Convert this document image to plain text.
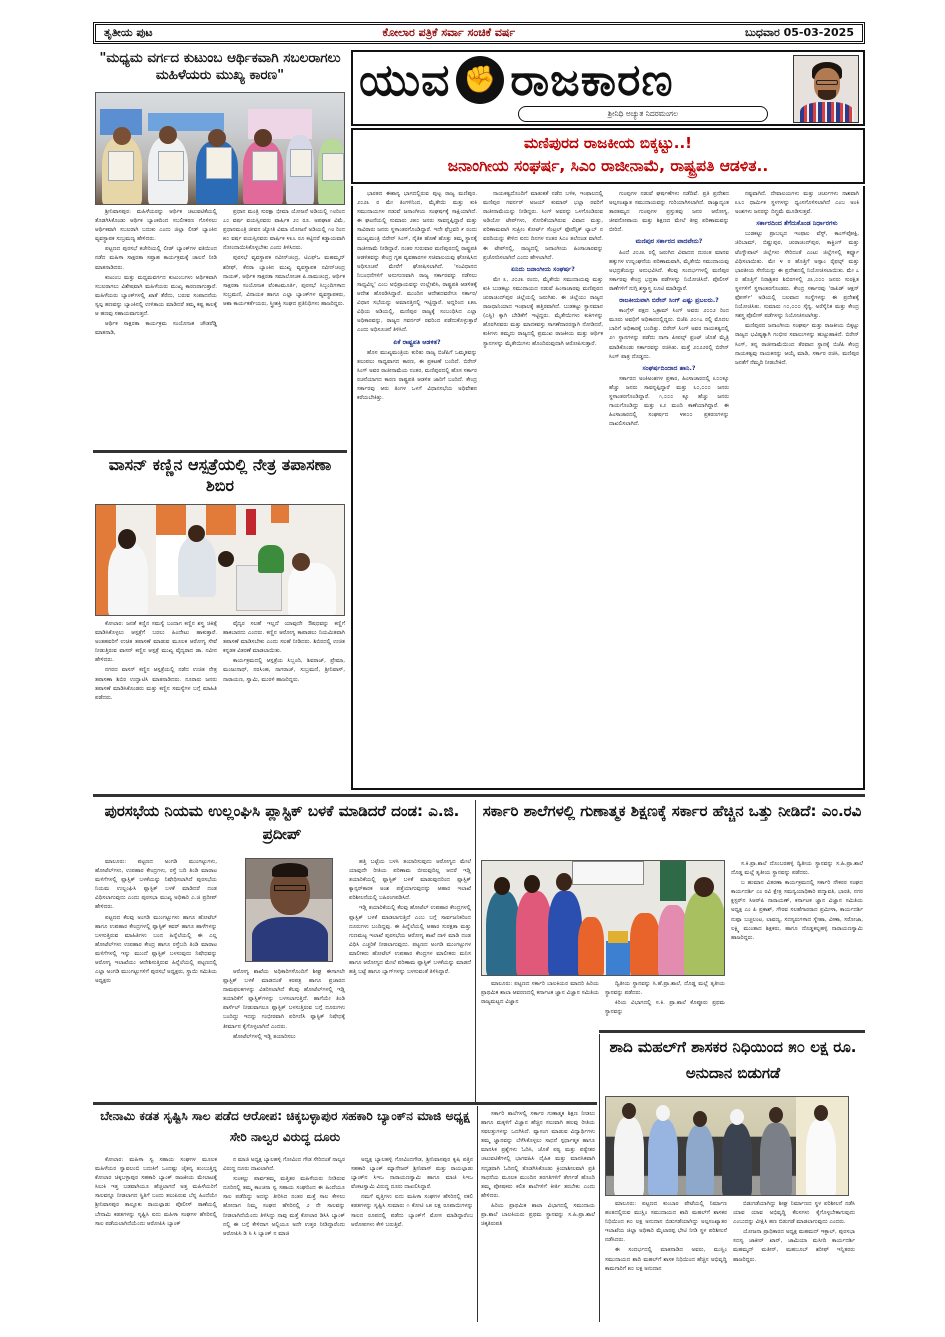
ತೃತೀಯ ಪುಟ	ಕೋಲಾರ ಪತ್ರಿಕೆ ಸರ್ವಾ ಸಂಚಿಕೆ ವರ್ಷ	ಬುಧವಾರ 05-03-2025
"ಮಧ್ಯಮ ವರ್ಗದ ಕುಟುಂಬ ಆರ್ಥಿಕವಾಗಿ ಸಬಲರಾಗಲು ಮಹಿಳೆಯರು ಮುಖ್ಯ ಕಾರಣ"

ಶ್ರೀನಿವಾಸಪುರ: ಮಹಿಳೆಯರನ್ನು ಆರ್ಥಿಕ ಚಟುವಟಿಕೆಯಲ್ಲಿ ತೊಡಗಿಸಿಕೊಂಡು ಆರ್ಥಿಕ ಬ್ಯಾಂಕದಿಂದ ಸಬಲೀಕರಣ ಗೊಳಿಸಲು ಆರ್ಥಿಕವಾಗಿ ಸಬಲರಾಗಿ ಬದುಕು ಎಂದು ಜಿಲ್ಲಾ ಲೀಡ್ ಬ್ಯಾಂಕಿನ ವ್ಯವಸ್ಥಾಪಕ ಸುಬ್ರಮಣ್ಯ ಹೇಳಿದರು.

ಪಟ್ಟಣದ ಪುರಸಭೆ ಕಚೇರಿಯಲ್ಲಿ ಲೀಡ್ ಬ್ಯಾಂಕ್‌ಗಳ ವತಿಯಿಂದ ನಡೆದ ಮಹಿಳಾ ಸಾಕ್ಷರತಾ ಸಪ್ತಾಹ ಕಾರ್ಯಕ್ರಮಕ್ಕೆ ಚಾಲನೆ ನೀಡಿ ಮಾತನಾಡಿದರು.

ಕುಟುಂಬ ಮತ್ತು ಮಧ್ಯಮವರ್ಗದ ಕುಟುಂಬಗಳು ಆರ್ಥಿಕವಾಗಿ ಸಬಲರಾಗಲು ವಿಶೇಷವಾಗಿ ಮಹಿಳೆಯರು ಮುಖ್ಯ ಕಾರಣರಾಗುತ್ತಾರೆ. ಮಹಿಳೆಯರು ಬ್ಯಾಂಕ್‌ಗಳಲ್ಲಿ ಖಾತೆ ತೆರೆದು, ಬರುವ ಸಂಪಾದನೆಯ ಸ್ವಲ್ಪ ಹಣವನ್ನು ಬ್ಯಾಂಕಿನಲ್ಲಿ ಉಳಿತಾಯ ಮಾಡಿದರೆ ತಮ್ಮ ಕಷ್ಟ ಕಾಲಕ್ಕೆ ಆ ಹಣವು ಸಹಾಯವಾಗುತ್ತದೆ.

ಆರ್ಥಿಕ ಸಾಕ್ಷರತಾ ಕಾರ್ಯಕ್ರಮ ಸಂಯೋಜಕ ಚೌಡರೆಡ್ಡಿ ಮಾತನಾಡಿ,

ಪ್ರಧಾನ ಮಂತ್ರಿ ಸುರಕ್ಷಾ ಭೀಮಾ ಯೋಜನೆ ಅಡಿಯಲ್ಲಿ ೧೮ರಿಂದ ೭೦ ವರ್ಷ ವಯಸ್ಸಿನವರು ವಾರ್ಷಿಕ ೨೦ ರೂ. ಅಪಘಾತ ವಿಮೆ, ಪ್ರಧಾನಮಂತ್ರಿ ಜೀವನ ಜ್ಯೋತಿ ವಿಮಾ ಯೋಜನೆ ಅಡಿಯಲ್ಲಿ ೧೮ ರಿಂದ ೫೦ ವರ್ಷ ವಯಸ್ಸಿನವರು ವಾರ್ಷಿಕ ೪೩೬ ರೂ ಕಟ್ಟಿದರೆ ಕಡ್ಡಾಯವಾಗಿ ನೋಂದಾಯಿಸಿಕೊಳ್ಳಬೇಕು ಎಂದು ತಿಳಿಸಿದರು.

ಪುರಸಭೆ ವ್ಯವಸ್ಥಾಪಕ ನವೀನ್‌ಚಂದ್ರ, ಟಿಎಫ್ಒ ಮಹಮ್ಮದ್ ಶರೀಫ್, ಕೆನರಾ ಬ್ಯಾಂಕಿನ ಮುಖ್ಯ ವ್ಯವಸ್ಥಾಪಕ ನವೀನ್‌ಚಂದ್ರ ನಾಯಕ್, ಆರ್ಥಿಕ ಸಾಕ್ಷರತಾ ಸಮಾಲೋಚಕ ಪಿ.ರಾಮಚಂದ್ರ, ಆರ್ಥಿಕ ಸಾಕ್ಷರತಾ ಸಂಯೋಜಕ ವೆಂಕಟಮೂರ್ತಿ, ಪುರಸಭೆ ಸಿಬ್ಬಂದಿಗಳಾದ ಸುಬ್ರಮಣಿ, ವಿನಾಯಕ ಹಾಗೂ ಎಲ್ಲಾ ಬ್ಯಾಂಕ್‌ಗಳ ವ್ಯವಸ್ಥಾಪಕರು, ಆಶಾ ಕಾರ್ಯಕರ್ತೆಯರು, ಸ್ತ್ರೀಶಕ್ತಿ ಸಂಘದ ಪ್ರತಿನಿಧಿಗಳು ಹಾಜರಿದ್ದರು.

ವಾಸನ್ ಕಣ್ಣಿನ ಆಸ್ಪತ್ರೆಯಲ್ಲಿ ನೇತ್ರ ತಪಾಸಣಾ ಶಿಬಿರ

ಕೋಲಾರ: ಜನತೆ ಕಣ್ಣಿನ ಸಮಸ್ಯೆ ಬಂದಾಗ ಕಣ್ಣಿನ ಶಸ್ತ್ರ ಚಿಕಿತ್ಸೆ ಮಾಡಿಸಿಕೊಳ್ಳಲು ಆಸ್ಪತ್ರೆಗೆ ಬರಲು ಹಿಂದೇಟು ಹಾಕುತ್ತಾರೆ. ಅಂತಹವರಿಗೆ ಉಚಿತ ತಪಾಸಣೆ ಮಾಡುವ ಮೂಲಕ ಆರೋಗ್ಯ ಸೇವೆ ನೀಡುತ್ತಿರುವ ವಾಸನ್ ಕಣ್ಣಿನ ಆಸ್ಪತ್ರೆ ಮುಖ್ಯ ವೈದ್ಯರಾದ ಡಾ. ನವೀನ ಹೇಳಿದರು.

ನಗರದ ವಾಸನ್ ಕಣ್ಣಿನ ಆಸ್ಪತ್ರೆಯಲ್ಲಿ ನಡೆದ ಉಚಿತ ನೇತ್ರ ತಪಾಸಣಾ ಶಿಬಿರ ಉದ್ಘಾಟಿಸಿ ಮಾತನಾಡಿದರು. ನೂರಾರು ಜನರು ತಪಾಸಣೆ ಮಾಡಿಸಿಕೊಂಡರು ಮತ್ತು ಕಣ್ಣಿನ ಸಮಸ್ಯೆಗಳ ಬಗ್ಗೆ ಮಾಹಿತಿ ಪಡೆದರು.

ವೈದ್ಯರ ಸಲಹೆ ಇಲ್ಲದೆ ಯಾವುದೇ ಔಷಧವನ್ನು ಕಣ್ಣಿಗೆ ಹಾಕಬಾರದು ಎಂದರು. ಕಣ್ಣಿನ ಆರೋಗ್ಯ ಕಾಪಾಡಲು ನಿಯಮಿತವಾಗಿ ತಪಾಸಣೆ ಮಾಡಿಸಬೇಕು ಎಂದು ಸಲಹೆ ನೀಡಿದರು. ಶಿಬಿರದಲ್ಲಿ ಉಚಿತ ಕನ್ನಡಕ ವಿತರಣೆ ಮಾಡಲಾಯಿತು.

ಕಾರ್ಯಕ್ರಮದಲ್ಲಿ ಆಸ್ಪತ್ರೆಯ ಸಿಬ್ಬಂದಿ, ಶಿವರಾಜ್, ಪ್ರೇಮಾ, ಮಂಜುನಾಥ್, ನರಸಿಂಹ, ನಾಗರಾಜ್, ಸುಬ್ರಮಣಿ, ಶ್ರೀನಿವಾಸ್, ನಾರಾಯಣ, ಸ್ವಾಮಿ, ಮುರಳಿ ಹಾಜರಿದ್ದರು.

ಯುವ ✊ ರಾಜಕಾರಣ
ಶ್ರೀನಿಧಿ ಅಚ್ಯುತ ನಿದರಮಂಗಲ
ಮಣಿಪುರದ ರಾಜಕೀಯ ಬಿಕ್ಕಟ್ಟು..!
ಜನಾಂಗೀಯ ಸಂಘರ್ಷ, ಸಿಎಂ ರಾಜೀನಾಮೆ, ರಾಷ್ಟ್ರಪತಿ ಆಡಳಿತ..

ಭಾರತದ ಈಶಾನ್ಯ ಭಾಗದಲ್ಲಿರುವ ಪುಟ್ಟ ರಾಜ್ಯ ಮಣಿಪುರ. ೨೦೨೩ ರ ಮೇ ತಿಂಗಳಿನಿಂದ, ಮೈತೇಯಿ ಮತ್ತು ಕುಕಿ ಸಮುದಾಯಗಳ ನಡುವೆ ಜನಾಂಗೀಯ ಸಂಘರ್ಷಕ್ಕೆ ಸಾಕ್ಷಿಯಾಗಿದೆ. ಈ ಘಟನೆಯಲ್ಲಿ ಸುಮಾರು ೨೫೦ ಜನರು ಸಾವನ್ನಪ್ಪಿದ್ದಾರೆ ಮತ್ತು ಸಾವಿರಾರು ಜನರು ಸ್ಥಳಾಂತರಗೊಂಡಿದ್ದಾರೆ. ಇದೇ ಫೆಬ್ರವರಿ ೯ ರಂದು ಮುಖ್ಯಮಂತ್ರಿ ಬಿರೇನ್ ಸಿಂಗ್, ನೈತಿಕ ಹೊಣೆ ಹೊತ್ತು ತಮ್ಮ ಸ್ಥಾನಕ್ಕೆ ರಾಜೀನಾಮೆ ನೀಡಿದ್ದಾರೆ. ನಂತರ ಗುರುವಾರ ಮಣಿಪುರದಲ್ಲಿ ರಾಷ್ಟ್ರಪತಿ ಆಡಳಿತವನ್ನು ಕೇಂದ್ರ ಗೃಹ ವ್ಯವಹಾರಗಳ ಸಚಿವಾಲಯವು ಘೋಷಿಸಿದ ಅಧಿಸೂಚನೆ ಮೇರೆಗೆ ಘೋಷಿಸಲಾಗಿದೆ. 'ಸಂವಿಧಾನದ ನಿಬಂಧನೆಗಳಿಗೆ ಅನುಗುಣವಾಗಿ ರಾಜ್ಯ ಸರ್ಕಾರವನ್ನು ನಡೆಸಲು ಸಾಧ್ಯವಿಲ್ಲ' ಎಂಬ ಅಭಿಪ್ರಾಯವನ್ನು ಉಲ್ಲೇಖಿಸಿ, ರಾಷ್ಟ್ರಪತಿ ಆಡಳಿತಕ್ಕೆ ಆದೇಶ ಹೊರಡಿಸಿದ್ದಾರೆ. ಮುಂದಿನ ಆದೇಶದವರೆಗೂ ಸರ್ಕಾರ/ ವಿಧಾನ ಸಭೆಯನ್ನು ಅಮಾನತ್ತಿನಲ್ಲಿ ಇಟ್ಟಿದ್ದಾರೆ. ಅದ್ದರಿಂದ ೩೫೬ ವಿಧಿಯ ಅಡಿಯಲ್ಲಿ, ಮಣಿಪುರ ರಾಜ್ಯಕ್ಕೆ ಸಂಬಂಧಿಸಿದ ಎಲ್ಲಾ ಅಧಿಕಾರವನ್ನು, ರಾಜ್ಯದ ಗವರ್ನರ್ ರವರಿಂದ ಪಡೆದುಕೊಳ್ಳುತ್ತಾರೆ ಎಂದು ಅಧಿಸೂಚನೆ ತಿಳಿಸಿದೆ.

ಏಕೆ ರಾಷ್ಟ್ರಪತಿ ಆಡಳಿತ?

ಹೊಸ ಮುಖ್ಯಮಂತ್ರಿಯ ಕುರಿತು ರಾಜ್ಯ ಬಿಜೆಪಿಗೆ ಒಮ್ಮತವನ್ನು ತಲುಪಲು ಸಾಧ್ಯವಾಗದ ಕಾರಣ, ಈ ಪ್ರಕಟಣೆ ಬಂದಿದೆ. ಬಿರೇನ್ ಸಿಂಗ್ ಅವರ ರಾಜೀನಾಮೆಯ ನಂತರ, ಮಣಿಪುರದಲ್ಲಿ ಹೊಸ ಸರ್ಕಾರ ರಚನೆಯಾಗದ ಕಾರಣ ರಾಷ್ಟ್ರಪತಿ ಆಡಳಿತ ಜಾರಿಗೆ ಬಂದಿದೆ. ಕೇಂದ್ರ ಸರ್ಕಾರವು ಆರು ತಿಂಗಳ ಒಳಗೆ ವಿಧಾನಸಭೆಯ ಅಧಿವೇಶನ ಕರೆಯಬೇಕಿತ್ತು.

ನಾಯಕತ್ವದೊಂದಿಗೆ ಮಾತುಕತೆ ನಡೆದ ಬಳಿಕ, ಇಂಫಾಲದಲ್ಲಿ ಮಣಿಪುರ ಗವರ್ನರ್ ಅಜಯ್ ಕುಮಾರ್ ಭಲ್ಲಾ ರವರಿಗೆ ರಾಜೀನಾಮೆಯನ್ನು ನೀಡಿದ್ದರು. ಸಿಂಗ್ ಅವರನ್ನು ಒಳಗೊಂಡಿರುವ ಅಡಿಯೋ ಟೇಪ್‌ಗಳು, ಸೋರಿಕೆಯಾಗಿರುವ ವಿವಾದ ಮತ್ತು, ಪರಿಣಾಮವಾಗಿ ಸುಪ್ರೀಂ ಕೋರ್ಟ್ ಸೆಂಟ್ರಲ್ ಫೊರೆನ್ಸಿಕ್ ಲ್ಯಾಬ್ ನ ವರದಿಯನ್ನು ಕೇಳಿದ ಐದು ದಿನಗಳ ನಂತರ ಸಿಎಂ ತಲೆದಂಡ ವಾಗಿದೆ. ಈ ಟೇಪ್‌ನಲ್ಲಿ, ರಾಜ್ಯದಲ್ಲಿ ಜನಾಂಗೀಯ ಹಿಂಸಾಚಾರವನ್ನು ಪ್ರಚೋದಿಸಲಾಗಿದೆ ಎಂದು ಹೇಳಲಾಗಿದೆ.

ಏನಿದು ಜನಾಂಗೀಯ ಸಂಘರ್ಷ?

ಮೇ ೩, ೨೦೨೩ ರಂದು, ಮೈತೇಯಿ ಸಮುದಾಯವು ಮತ್ತು ಕುಕಿ ಬುಡಕಟ್ಟು ಸಮುದಾಯದ ನಡುವೆ ಹಿಂಸಾಚಾರವು ಮಣಿಪುರದ ಚುರಾಚಂದ್‌ಪುರ ಜಿಲ್ಲೆಯಲ್ಲಿ ಜರುಗಿತು. ಈ ಜಿಲ್ಲೆಯು ರಾಜ್ಯದ ರಾಜಧಾನಿಯಾದ ಇಂಫಾಲಕ್ಕೆ ಹತ್ತಿರವಾಗಿದೆ. ಬುಡಕಟ್ಟು ಸ್ಥಾನಮಾನ (ಎಸ್ಟಿ) ಕ್ಕಾಗಿ ಬೇಡಿಕೆಗೆ ಇಟ್ಟಿದ್ದರು. ಮೈತೇಯಿಗಳು ಕುಕಿಗಳನ್ನು ಹೊರಗಿನವರು ಮತ್ತು ಮಾದಕವಸ್ತು ಸಾಗಣೆದಾರರನ್ನಾಗಿ ನೋಡಿದರೆ, ಕುಕಿಗಳು ತಮ್ಮದು ರಾಜ್ಯದಲ್ಲಿ ಪ್ರಮುಖ ರಾಜಕೀಯ ಮತ್ತು ಆರ್ಥಿಕ ಸ್ಥಾನಗಳನ್ನು ಮೈತೇಯಿಗಳು ಹೊಂದಿರುವುದಾಗಿ ಆರೋಪಿಸುತ್ತಾರೆ.

ಗುಂಪುಗಳ ನಡುವೆ ಘರ್ಷಣೆಗಳು ನಡೆದಿವೆ. ಪ್ರತಿ ಪ್ರದೇಶದ ಅಲ್ಪಸಂಖ್ಯಾತ ಸಮುದಾಯವನ್ನು ಗುರಿಯಾಗಿಸಲಾಗಿದೆ. ರಾಜ್ಯಾದ್ಯಂತ ತಾರತಮ್ಯದ ಗುಂಪುಗಳ ಪ್ರಸ್ತುತವು ಜನರ ಆರೋಗ್ಯ, ಜೀವನೋಪಾಯ ಮತ್ತು ಶಿಕ್ಷಣದ ಮೇಲೆ ತೀವ್ರ ಪರಿಣಾಮವನ್ನು ಬೀರಿದೆ.

ಮಣಿಪುರ ಸರ್ಕಾರದ ವಾದವೇನು?

ಹಿಂದೆ ೨೦೨೩ ರಲ್ಲಿ ಜರುಗಿದ ವಿವಾದದ ದುರಂತ ಮಾನವ ಹಕ್ಕುಗಳ ಉಲ್ಲಂಘನೆಯ ಪರಿಣಾಮವಾಗಿ, ಮೈತೇಯಿ ಸಮುದಾಯವು ಅಭದ್ರತೆಯನ್ನು ಅನುಭವಿಸಿದೆ. ಕೆಲವು ಸಂದರ್ಭಗಳಲ್ಲಿ ಮಣಿಪುರ ಸರ್ಕಾರವು ಕೇಂದ್ರ ಭದ್ರತಾ ಪಡೆಗಳನ್ನು ನಿಯೋಜಿಸಿದೆ. ಪೊಲೀಸ್ ಠಾಣೆಗಳಿಗೆ ನುಗ್ಗಿ ಶಸ್ತ್ರಾಸ್ತ್ರ ಲೂಟಿ ಮಾಡಿದ್ದಾರೆ.

ರಾಜಕೀಯವಾಗಿ ಬಿರೇನ್ ಸಿಂಗ್ ಎಷ್ಟು ಪ್ರಬಲರು.?

ಕಾಂಗ್ರೆಸ್ ಪಕ್ಷದ ಒಕ್ರಾಮ್ ಸಿಂಗ್ ಅವರು ೨೦೦೨ ರಿಂದ ಮೂರು ಅವಧಿಗೆ ಅಧಿಕಾರದಲ್ಲಿದ್ದರು. ಬಿಜೆಪಿ ೨೦೧೭ ರಲ್ಲಿ ಮೊದಲ ಬಾರಿಗೆ ಅಧಿಕಾರಕ್ಕೆ ಬಂದಿತ್ತು. ಬಿರೇನ್ ಸಿಂಗ್ ಅವರ ನಾಯಕತ್ವದಲ್ಲಿ ೨೧ ಸ್ಥಾನಗಳನ್ನು ಪಡೆದು ನಾಗಾ ಪೀಪಲ್ಸ್ ಫ್ರಂಟ್ ಜೊತೆ ಮೈತ್ರಿ ಮಾಡಿಕೊಂಡು ಸರ್ಕಾರವನ್ನು ರಚಿಸಿತು. ಮತ್ತೆ ೨೦೨೨ರಲ್ಲಿ ಬಿರೇನ್ ಸಿಂಗ್ ಪಾತ್ರ ದೊಡ್ಡದು.

ಸಂಘರ್ಷದಿಂದಾದ ಹಾನಿ.?

ಸರ್ಕಾರದ ಅಂಕಿಅಂಶಗಳ ಪ್ರಕಾರ, ಹಿಂಸಾಚಾರದಲ್ಲಿ ೩೦೦ಕ್ಕೂ ಹೆಚ್ಚು ಜನರು ಸಾವನ್ನಪ್ಪಿದ್ದಾರೆ ಮತ್ತು ೬೦,೦೦೦ ಜನರು ಸ್ಥಳಾಂತರಗೊಂಡಿದ್ದಾರೆ. ೧,೦೦೦ ಕ್ಕೂ ಹೆಚ್ಚು ಜನರು ಗಾಯಗೊಂಡಿದ್ದು ಮತ್ತು ೩೨ ಮಂದಿ ಕಾಣೆಯಾಗಿದ್ದಾರೆ. ಈ ಹಿಂಸಾಚಾರದಲ್ಲಿ ಸಂಘರ್ಷದ ೪೫೦೦ ಪ್ರಕರಣಗಳನ್ನು ದಾಖಲಿಸಲಾಗಿದೆ.

ನಷ್ಟವಾಗಿದೆ. ದೇವಾಲಯಗಳು ಮತ್ತು ಚರ್ಚುಗಳು ನಾಶವಾಗಿ ೩೬೦ ಧಾರ್ಮಿಕ ಸ್ಥಳಗಳನ್ನು ಧ್ವಂಸಗೊಳಿಸಲಾಗಿದೆ ಎಂಬ ಅಂಕಿ ಅಂಶಗಳು ಜನರನ್ನು ದಿಗ್ಭ್ರಮೆ ಮೂಡಿಸುತ್ತವೆ.

ಸರ್ಕಾರದಿಂದ ತೆಗೆದುಕೊಂಡ ನಿರ್ಧಾರಗಳು

ಬುಡಕಟ್ಟು ಪ್ರಾಬಲ್ಯದ ಇಂಫಾಲ ವೆಸ್ಟ್, ಕಾಂಗ್‌ಪೋಕ್ಪಿ, ಜಿರಿಬಾಮ್, ಬಿಷ್ಣುಪುರ, ಚುರಾಚಂದ್‌ಪುರ, ಕಾಕ್ಚಿಂಗ್ ಮತ್ತು ಟೆಂಗ್ನೌಪಾಲ್ ಜಿಲ್ಲೆಗಳು ಸೇರಿದಂತೆ ಎಂಟು ಜಿಲ್ಲೆಗಳಲ್ಲಿ ಕರ್ಫ್ಯೂ ವಿಧಿಸಲಾಯಿತು. ಮೇ ೪ ರ ಹೊತ್ತಿಗೆ ಅಸ್ಸಾಂ ರೈಫಲ್ಸ್ ಮತ್ತು ಭಾರತೀಯ ಸೇನೆಯನ್ನು ಈ ಪ್ರದೇಶದಲ್ಲಿ ನಿಯೋಜಿಸಲಾಯಿತು. ಮೇ ೭ ರ ಹೊತ್ತಿಗೆ ನಿರಾಶ್ರಿತರ ಶಿಬಿರಗಳಲ್ಲಿ ೨೩,೦೦೦ ಜನರು ಸುರಕ್ಷಿತ ಸ್ಥಳಗಳಿಗೆ ಸ್ಥಳಾಂತರಗೊಂಡರು. ಕೇಂದ್ರ ಸರ್ಕಾರವು 'ರಾಪಿಡ್ ಆಕ್ಷನ್ ಫೋರ್ಸ್' ಅಡಿಯಲ್ಲಿ ಬಲವಾದ ಸಂಸ್ಥೆಗಳನ್ನು ಈ ಪ್ರದೇಶಕ್ಕೆ ನಿಯೋಜಿಸಿತು. ಸುಮಾರು ೧೦,೦೦೦ ಸೈನ್ಯ, ಅರೆಸೈನಿಕ ಮತ್ತು ಕೇಂದ್ರ ಸಶಸ್ತ್ರ ಪೊಲೀಸ್ ಪಡೆಗಳನ್ನು ನಿಯೋಜಿಸಲಾಗಿತ್ತು.

ಮಣಿಪುರದ ಜನಾಂಗೀಯ ಸಂಘರ್ಷ ಮತ್ತು ರಾಜಕೀಯ ಬಿಕ್ಕಟ್ಟು ರಾಜ್ಯದ ಭವಿಷ್ಯಕ್ಕಾಗಿ ಗಂಭೀರ ಸವಾಲುಗಳನ್ನು ಹುಟ್ಟುಹಾಕಿದೆ. ಬಿರೇನ್ ಸಿಂಗ್, ತನ್ನ ರಾಜೀನಾಮೆಯಿಂದ ತೆರವಾದ ಸ್ಥಾನಕ್ಕೆ ಬಿಜೆಪಿ ಕೇಂದ್ರ ನಾಯಕತ್ವವು ನಾಯಕನನ್ನು ಆಯ್ಕೆ ಮಾಡಿ, ಸರ್ಕಾರ ರಚಿಸಿ, ಮಣಿಪುರ ಜನತೆಗೆ ನೆಮ್ಮದಿ ನೀಡಬೇಕಿದೆ.

ಪುರಸಭೆಯ ನಿಯಮ ಉಲ್ಲಂಘಿಸಿ ಪ್ಲಾಸ್ಟಿಕ್ ಬಳಕೆ ಮಾಡಿದರೆ ದಂಡ: ಎ.ಜಿ. ಪ್ರದೀಪ್

ಮಾಲೂರು: ಪಟ್ಟಣದ ಅಂಗಡಿ ಮುಂಗಟ್ಟುಗಳು, ಹೋಟೆಲ್‌ಗಳು, ಉಪಹಾರ ಕೇಂದ್ರಗಳು, ರಸ್ತೆ ಬದಿ ತಿಂಡಿ ಮಾರಾಟ ಮಳಿಗೆಗಳಲ್ಲಿ ಪ್ಲಾಸ್ಟಿಕ್ ಬಳಕೆಯನ್ನು ನಿಷೇಧಿಸಲಾಗಿದೆ ಪುರಸಭೆಯ ನಿಯಮ ಉಲ್ಲಂಘಿಸಿ ಪ್ಲಾಸ್ಟಿಕ್ ಬಳಕೆ ಮಾಡಿದರೆ ದಂಡ ವಿಧಿಸಲಾಗುವುದು ಎಂದು ಪುರಸಭಾ ಮುಖ್ಯ ಅಧಿಕಾರಿ ಎ.ಜಿ ಪ್ರದೀಪ್ ಹೇಳಿದರು.

ಪಟ್ಟಣದ ಕೆಲವು ಅಂಗಡಿ ಮುಂಗಟ್ಟುಗಳು ಹಾಗೂ ಹೋಟೆಲ್ ಹಾಗೂ ಉಪಹಾರ ಕೇಂದ್ರಗಳಲ್ಲಿ ಪ್ಲಾಸ್ಟಿಕ್ ಕವರ್ ಹಾಗೂ ಹಾಳೆಗಳನ್ನು ಬಳಸುತ್ತಿರುವ ಮಾಹಿತಿಗಳು ಬಂದ ಹಿನ್ನೆಲೆಯಲ್ಲಿ ಈ ಎಲ್ಲ ಹೋಟೆಲ್‌ಗಳು ಉಪಹಾರ ಕೇಂದ್ರ ಹಾಗೂ ರಸ್ತೆಬದಿ ತಿಂಡಿ ಮಾರಾಟ ಮಳಿಗೆಗಳಲ್ಲಿ ಇನ್ನು ಮುಂದೆ ಪ್ಲಾಸ್ಟಿಕ್ ಬಳಸುವುದು ನಿಷೇಧವನ್ನು ಆರೋಗ್ಯ ಇಲಾಖೆಯು ಆದೇಶಿಸುತ್ತಿರುವ ಹಿನ್ನೆಲೆಯಲ್ಲಿ ಪಟ್ಟಣದಲ್ಲಿ ಎಲ್ಲಾ ಅಂಗಡಿ ಮುಂಗಟ್ಟುಗಳಿಗೆ ಪುರಸಭೆ ಅಧ್ಯಕ್ಷರು, ಸ್ಥಾಯಿ ಸಮಿತಿಯ ಅಧ್ಯಕ್ಷರು

ಆರೋಗ್ಯ ಶಾಖೆಯ ಅಧಿಕಾರಿಗಳೊಂದಿಗೆ ಶೀಘ್ರ ಈಗಾಗಲೇ ಪ್ಲಾಸ್ಟಿಕ್ ಬಳಕೆ ಮಾಡದಂತೆ ಕರಪತ್ರ ಹಾಗೂ ಪ್ರಚಾರದ ನಾಮಫಲಕಗಳನ್ನು ವಿತರಿಸಲಾಗಿದೆ ಕೆಲವು ಹೋಟೆಲ್‌ಗಳಲ್ಲಿ ಇಡ್ಲಿ ತಯಾರಿಕೆಗೆ ಪ್ಲಾಸ್ಟಿಕ್‌ಗಳನ್ನು ಬಳಸಲಾಗುತ್ತಿದೆ. ಹಾಗೆಯೇ ತಿಂಡಿ ಪಾರ್ಸೆಲ್ ನೀಡುವಾಗಲೂ ಪ್ಲಾಸ್ಟಿಕ್ ಬಳಸುತ್ತಿರುವ ಬಗ್ಗೆ ದೂರುಗಳು ಬಂದಿದ್ದು ಇದನ್ನು ಗಂಭೀರವಾಗಿ ಪರಿಗಣಿಸಿ ಪ್ಲಾಸ್ಟಿಕ್ ನಿಷೇಧಕ್ಕೆ ತೀರ್ಮಾನ ಕೈಗೊಳ್ಳಲಾಗಿದೆ ಎಂದರು.

ಹೋಟೆಲ್‌ಗಳಲ್ಲಿ ಇಡ್ಲಿ ತಯಾರಿಸಲು

ಹತ್ತಿ ಬಟ್ಟೆಯ ಬಳಸಿ ತಯಾರಿಸುವುದು ಆರೋಗ್ಯದ ಮೇಲೆ ಯಾವುದೇ ರೀತಿಯ ಪರಿಣಾಮ ಬೀರುವುದಿಲ್ಲ ಆದರೆ ಇಡ್ಲಿ ತಯಾರಿಕೆಯಲ್ಲಿ ಪ್ಲಾಸ್ಟಿಕ್ ಬಳಕೆ ಮಾಡುವುದರಿಂದ ಪ್ಲಾಸ್ಟಿಕ್ ಕ್ಯಾನ್ಸರ್‌ಕಾರಕ ಅಂಶ ಪತ್ತೆಯಾಗುವುದನ್ನು ಆಹಾರ ಇಲಾಖೆ ಪರಿಶೀಲನೆಯಲ್ಲಿ ಬಹಿರಂಗಪಡಿಸಿದೆ.

ಇಡ್ಲಿ ತಯಾರಿಕೆಯಲ್ಲಿ ಕೆಲವು ಹೋಟೆಲ್ ಉಪಹಾರ ಕೇಂದ್ರಗಳಲ್ಲಿ ಪ್ಲಾಸ್ಟಿಕ್ ಬಳಕೆ ಮಾಡಲಾಗುತ್ತಿದೆ ಎಂಬ ಬಗ್ಗೆ ಸಾರ್ವಜನಿಕರಿಂದ ದೂರುಗಳು ಬಂದಿದ್ದವು. ಈ ಹಿನ್ನೆಲೆಯಲ್ಲಿ ಆಹಾರ ಸುರಕ್ಷತಾ ಮತ್ತು ಗುಣಮಟ್ಟ ಇಲಾಖೆ ಪುರಸಭೆಯ ಆರೋಗ್ಯ ಶಾಖೆ ದಾಳಿ ಮಾಡಿ ದಂಡ ವಿಧಿಸಿ ಎಚ್ಚರಿಕೆ ನೀಡಲಾಗುವುದು. ಪಟ್ಟಣದ ಅಂಗಡಿ ಮುಂಗಟ್ಟುಗಳ ಮಾಲೀಕರು ಹೋಟೆಲ್ ಉಪಹಾರ ಕೇಂದ್ರಗಳ ಮಾಲೀಕರು ಮನಿಸ ಹಾಗೂ ಆರೋಗ್ಯದ ಮೇಲೆ ಪರಿಣಾಮ ಪ್ಲಾಸ್ಟಿಕ್ ಬಳಕೆಯನ್ನು ಮಾಡದೆ ಹತ್ತಿ ಬಟ್ಟೆ ಹಾಗೂ ಬ್ಯಾಗ್‌ಗಳನ್ನು ಬಳಸುವಂತೆ ತಿಳಿಸಿದ್ದಾರೆ.

ಸರ್ಕಾರಿ ಶಾಲೆಗಳಲ್ಲಿ ಗುಣಾತ್ಮಕ ಶಿಕ್ಷಣಕ್ಕೆ ಸರ್ಕಾರ ಹೆಚ್ಚಿನ ಒತ್ತು ನೀಡಿದೆ: ಎಂ.ರವಿ

ಮಾಲೂರು: ಪಟ್ಟಣದ ಸರ್ಕಾರಿ ಬಾಲಕಿಯರ ಮಾದರಿ ಹಿರಿಯ ಪ್ರಾಥಮಿಕ ಶಾಲಾ ಆವರಣದಲ್ಲಿ ಕರ್ನಾಟಕ ಜ್ಞಾನ ವಿಜ್ಞಾನ ಸಮಿತಿಯ ರಾಜ್ಯಮಟ್ಟದ ವಿಜ್ಞಾನ

ದ್ವಿತೀಯ ಸ್ಥಾನವನ್ನು ಸಿ.ಹೆ.ಪ್ರಾ.ಶಾಲೆ, ದೊಡ್ಡ ಮಲ್ಲೆ ತೃತೀಯ ಸ್ಥಾನವನ್ನು ಪಡೆದರು.

ಕಿರಿಯ ವಿಭಾಗದಲ್ಲಿ ಸ.ಕಿ. ಪ್ರಾ.ಶಾಲೆ ಕೊಪ್ಪೂರು ಪ್ರಥಮ ಸ್ಥಾನವನ್ನು

ಸ.ಕಿ.ಪ್ರಾ.ಶಾಲೆ ದೊಂಬರಹಳ್ಳಿ ದ್ವಿತೀಯ ಸ್ಥಾನವನ್ನು ಸ.ಹಿ.ಪ್ರಾ.ಶಾಲೆ ದೊಡ್ಡ ಮಲ್ಲೆ ತೃತೀಯ ಸ್ಥಾನವನ್ನು ಪಡೆದರು.

ಬ ಹುಮಾನ ವಿತರಣಾ ಕಾರ್ಯಕ್ರಮದಲ್ಲಿ ಸರ್ಕಾರಿ ನೌಕರರ ಸಂಘದ ಕಾರ್ಯದರ್ಶಿ ಎಂ ರವಿ ಕ್ಷೇತ್ರ ಸಮನ್ವಯಾಧಿಕಾರಿ ಪದ್ಮಾವತಿ, ಭಾರತಿ, ನಗರ ಕ್ಲಸ್ಟರ್‌ನ ಸಿಆರ್‌ಪಿ ನಾರಾಯಣ್, ಕರ್ನಾಟಕ ಜ್ಞಾನ ವಿಜ್ಞಾನ ಸಮಿತಿಯ ಅಧ್ಯಕ್ಷ ಎಂ ಪಿ ಪ್ರಕಾಶ್, ಗೌರವ ಸಲಹೆಗಾರರಾದ ಪ್ರಮೀಳಾ, ಕಾರ್ಯದರ್ಶಿ ನುಪ್ಪಾ ಬಚ್ಚಲಂಟ, ಲಾವಣ್ಯ, ಸದಸ್ಯರುಗಳಾದ ಸ್ನೇಹಾ, ವೀಣಾ, ಸರೋಜಾ, ಲಕ್ಷ್ಮಿ ಮುಂತಾದ ಶಿಕ್ಷಕರು, ಹಾಗೂ ದೊಡ್ಡಕಲ್ಲಹಳ್ಳಿ ನಾರಾಯಣಸ್ವಾಮಿ ಹಾಜರಿದ್ದರು.

ಶಾದಿ ಮಹಲ್‌ಗೆ ಶಾಸಕರ ನಿಧಿಯಿಂದ ೫೦ ಲಕ್ಷ ರೂ. ಅನುದಾನ ಬಿಡುಗಡೆ

ಮಾಲೂರು: ಪಟ್ಟಣದ ಕುಂಬಾರ ಪೇಟೆಯಲ್ಲಿ ನಿರ್ಮಾಣ ಹಂತದಲ್ಲಿರುವ ಮುಸ್ಲಿಂ ಸಮುದಾಯದ ಶಾದಿ ಮಹಲ್‌ಗೆ ಶಾಸಕರ ನಿಧಿಯಿಂದ ೫೦ ಲಕ್ಷ ಅನುದಾನ ಬಿಡುಗಡೆಯಾಗಿದ್ದು ಅಲ್ಪಸಂಖ್ಯಾತರ ಇಲಾಖೆಯ ಜಿಲ್ಲಾ ಅಧಿಕಾರಿ ಮೈಲಾರಪ್ಪ ಭೇಟಿ ನೀಡಿ ಸ್ಥಳ ಪರಿಶೀಲನೆ ನಡೆಸಿದರು.

ಈ ಸಂದರ್ಭದಲ್ಲಿ ಮಾತನಾಡಿದ ಅವರು, ಮುಸ್ಲಿಂ ಸಮುದಾಯದ ಶಾದಿ ಮಹಲ್‌ಗೆ ಶಾಸಕ ನಿಧಿಯಿಂದ ಹೆಚ್ಚಿನ ಅಭಿವೃದ್ಧಿ ಕಾಮಗಾರಿಗೆ ೫೦ ಲಕ್ಷ ಅನುದಾನ

ಬಿಡುಗಡೆಯಾಗಿದ್ದು ಶೀಘ್ರ ನಿರ್ಮಾಣದ ಸ್ಥಳ ಪರಿಶೀಲನೆ ನಡೆಸಿ ಯಾವ ಯಾವ ಅಭಿವೃದ್ಧಿ ಕೆಲಸಗಳು ಕೈಗೊಳ್ಳಬೇಕಾಗುವುದು ಎಂಬುದನ್ನು ವೀಕ್ಷಿಸಿ ಹಣ ಬಿಡುಗಡೆ ಮಾಡಲಾಗುವುದು ಎಂದರು.

ಯೋಜನಾ ಪ್ರಾಧಿಕಾರದ ಅಧ್ಯಕ್ಷ ಮಹಮದ್ ಇಕ್ಬಾಲ್, ಪುರಸಭಾ ಸದಸ್ಯ ಜಾಕೀರ್ ಖಾನ್, ಜಾಮಿಯಾ ಮಸೀದಿ ಕಾರ್ಯದರ್ಶಿ ಮಹಮ್ಮದ್ ಮತೀನ್, ಮಹಬೂಬ್ ಶರೀಫ್ ಇನ್ನಿತರರು ಹಾಜರಿದ್ದರು.

ಸರ್ಕಾರಿ ಶಾಲೆಗಳಲ್ಲಿ ಸರ್ಕಾರ ಗುಣಾತ್ಮಕ ಶಿಕ್ಷಣ ನೀಡಲು ಹಾಗೂ ಮಕ್ಕಳಿಗೆ ವಿಜ್ಞಾನ ಹೆಚ್ಚಿನ ಸಲುವಾಗಿ ಹಲವು ರೀತಿಯ ಸವಲತ್ತುಗಳನ್ನು ಒದಗಿಸಿದೆ. ವ್ಯಾಸಂಗ ಮಾಡುವ ವಿದ್ಯಾರ್ಥಿಗಳು ತಮ್ಮ ಜ್ಞಾನವನ್ನು ಬೆಳೆಸಿಕೊಳ್ಳಲು ಸಾಧನೆ ಸ್ಪರ್ಧಾತ್ಮಕ ಹಾಗೂ ಮಾನಸಿಕ ಪ್ರಶ್ನೆಗಳು ಓದಿಸಿ, ಜೊತೆ ಪಠ್ಯ ಮತ್ತು ಪಠ್ಯೇತರ ಚಟುವಟಿಕೆಗಳಲ್ಲಿ ಭಾಗವಹಿಸಿ ದೈಹಿಕ ಮತ್ತು ಮಾನಸಿಕವಾಗಿ ಸದೃಢರಾಗಿ ಓದಿನಲ್ಲಿ ತೊಡಗಿಸಿಕೊಂಡು ಕ್ರಿಯಾಶೀಲವಾಗಿ ಪ್ರತಿ ಸಾಧನೆಯ ಮೂಲಕ ಮುಂದಿನ ತರಗತಿಗಳಿಗೆ ತೇರ್ಗಡೆ ಹೊಂದಿ ತಮ್ಮ ಪೋಷಕರು ಕಲಿತ ಶಾಲೆಗಳಿಗೆ ಕೀರ್ತಿ ತರಬೇಕು ಎಂದು ಹೇಳಿದರು.

ಹಿರಿಯ ಪ್ರಾಥಮಿಕ ಶಾಲಾ ವಿಭಾಗದಲ್ಲಿ ಸಮುದಾಯ ಪ್ರಾ.ಶಾಲೆ ಬಾಲಕಿಯರು ಪ್ರಥಮ ಸ್ಥಾನವನ್ನು ಸ.ಹಿ.ಪ್ರಾ.ಶಾಲೆ ಚಿಕ್ಕತಿರುಪತಿ

ಬೇನಾಮಿ ಕಡತ ಸೃಷ್ಟಿಸಿ ಸಾಲ ಪಡೆದ ಆರೋಪ: ಚಿಕ್ಕಬಳ್ಳಾಪುರ ಸಹಕಾರಿ ಬ್ಯಾಂಕ್‌ನ ಮಾಜಿ ಅಧ್ಯಕ್ಷ ಸೇರಿ ನಾಲ್ವರ ವಿರುದ್ಧ ದೂರು

ಕೋಲಾರ: ಮಹಿಳಾ ಸ್ವ ಸಹಾಯ ಸಂಘಗಳ ಮೂಲಕ ಮಹಿಳೆಯರ ಸ್ವಾವಲಂಬಿ ಬದುಕಿಗೆ ಒಂದಷ್ಟು ಚೈತನ್ಯ ತುಂಬುತ್ತಿದ್ದ ಕೋಲಾರ ಚಿಕ್ಕಬಳ್ಳಾಪುರ ಸಹಕಾರಿ ಬ್ಯಾಂಕ್ ರಾಜಕೀಯ ಮೇಲಾಟಕ್ಕೆ ಸಿಲುಕಿ ಇತ್ತ ಬಡವಾಗಿಯೂ ಹೆಚ್ಚಲಾಗದೆ ಅತ್ತ ಮಹಿಳೆಯರಿಗೆ ಸಾಲವನ್ನೂ ನೀಡಲಾಗದ ಸ್ಥಿತಿಗೆ ಬಂದು ತಲುಪಿರುವ ಬೆನ್ನ ಹಿಂದೆಯೇ ಶ್ರೀನಿವಾಸಪುರ ತಾಲ್ಲೂಕು ರಾಯಲ್ಪಾಡು ಪೊಲೀಸ್ ಠಾಣೆಯಲ್ಲಿ ಬೇನಾಮಿ ಕಡತಗಳನ್ನು ಸೃಷ್ಟಿಸಿ ಐದು ಮಹಿಳಾ ಸಂಘಗಳ ಹೆಸರಿನಲ್ಲಿ ಸಾಲ ಪಡೆಯಲಾಗಿದೆಯೆಂದು ಆರೋಪಿಸಿ ಬ್ಯಾಂಕ್

ನ ಮಾಜಿ ಅಧ್ಯಕ್ಷ ಬ್ಯಾಲಹಳ್ಳಿ ಗೋವಿಂದ ಗೌಡ ಸೇರಿದಂತೆ ನಾಲ್ವರ ವಿರುದ್ಧ ದೂರು ದಾಖಲಾಗಿದೆ.

ಸುಂಕಲ್ಲು ಪಾರ್ವತಮ್ಮ ಮತ್ತಿತರ ಮಹಿಳೆಯರು ನೀಡಿರುವ ದೂರಿನಲ್ಲಿ ತಮ್ಮ ಕಾಂಚನಾ ಸ್ವ ಸಹಾಯ ಸಂಘದಿಂದ ಈ ಹಿಂದೆಯೂ ಸಾಲ ಪಡೆದಿದ್ದು ಅದನ್ನು ತೀರಿಸಿದ ನಂತರ ಮತ್ತೆ ಸಾಲ ಕೇಳಲು ಹೋದಾಗ ನಿಮ್ಮ ಸಂಘದ ಹೆಸರಿನಲ್ಲಿ ೨ ನೇ ಸಾಲವನ್ನು ನೀಡಲಾಗಿದೆಯೆಂದು ತಿಳಿಸಿದ್ದು ನಾವು ಮತ್ತೆ ಕೋಲಾರ ಡಿಸಿಸಿ ಬ್ಯಾಂಕ್ ನಲ್ಲಿ ಈ ಬಗ್ಗೆ ಕೇಳಿದಾಗ ಅಲ್ಲಿಯೂ ಅದೇ ಉತ್ತರ ನೀಡಿದ್ದಾರೆಂದು ಆರೋಪಿಸಿ ಡಿ ಸಿ ಸಿ ಬ್ಯಾಂಕ್ ನ ಮಾಜಿ

ಅಧ್ಯಕ್ಷ ಬ್ಯಾಲಹಳ್ಳಿ ಗೋವಿಂದಗೌಡ, ಶ್ರೀನಿವಾಸಪುರ ಕೃಷಿ ಪತ್ತಿನ ಸಹಕಾರಿ ಬ್ಯಾಂಕ್ ಮ್ಯಾನೇಜರ್ ಶ್ರೀನಿವಾಸ್ ಮತ್ತು ರಾಯಲ್ಪಾಡು ಬ್ಯಾಂಕ್‌ನ ಸಿಇಒ ನಾರಾಯಣಸ್ವಾಮಿ ಹಾಗೂ ಮಾಜಿ ಸಿಇಒ ವೆಂಕಟಸ್ವಾಮಿ ವಿರುದ್ಧ ದೂರು ದಾಖಲಿಸಿದ್ದಾರೆ.

ನಮಗೆ ವೃತ್ತಿಗಳು ಐದು ಮಹಿಳಾ ಸಂಘಗಳ ಹೆಸರಿನಲ್ಲಿ ನಕಲಿ ಕಡತಗಳನ್ನು ಸೃಷ್ಟಿಸಿ ಸುಮಾರು ೧ ಕೋಟಿ ೬೫ ಲಕ್ಷ ರೂಪಾಯಿಗಳನ್ನು ಸಾಲದ ರೂಪದಲ್ಲಿ ಪಡೆದು ಬ್ಯಾಂಕ್‌ಗೆ ಮೋಸ ಮಾಡಿದ್ದಾರೆಂಬ ಆರೋಪಗಳು ಕೇಳಿ ಬರುತ್ತಿವೆ.
